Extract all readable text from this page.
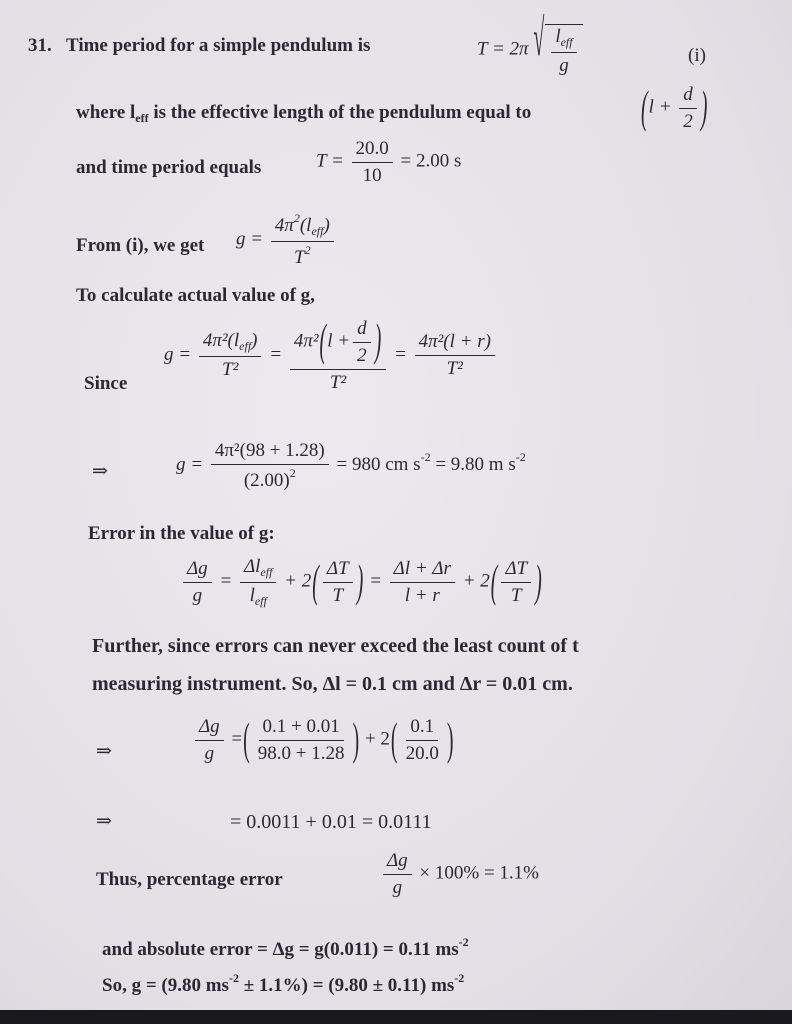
31. Time period for a simple pendulum is	T = 2π √ $\frac{l_{eff}}{g}$	(i)
where $l_{eff}$ is the effective length of the pendulum equal to	($l + \frac{d}{2}$ )
and time period equals	$T = \frac{20.0}{10} = 2.00$ s
From (i), we get $g = \frac{4\pi^2(l_{eff})}{T^2}$
To calculate actual value of g,
Since
$g = \frac{4\pi^2(l_{eff})}{\text{T²}} = \frac{4\pi^2(l + \frac{d}{2} )}{\text{T²}} = \frac{\text{4π²(l + r)}}{\text{T²}}$
⇒	$g = \frac{\text{4π²(98 + 1.28)}}{(2.00)^2} = 980$ cm $s^{-2} = 9.80$ m $s^{-2}$
Error in the value of g:
$\frac{\Delta g}{g} = \frac{\Delta l_{eff}}{l_{eff}} + 2( \frac{\Delta T}{T}$ ) = $\frac{\Delta l + \Delta r}{l + r} + 2( \frac{\Delta T}{T}$ )
Further, since errors can never exceed the least count of t
measuring instrument. So, Δl = 0.1 cm and Δr = 0.01 cm.
⇒	$\frac{\Delta g}{g}$ =( $\frac{0.1 + 0.01}{98.0 + 1.28}$ ) + $2( \frac{0.1}{20.0}$ )
⇒	= 0.0011 + 0.01 = 0.0111
Thus, percentage error	$\frac{\Delta g}{g} \times 100\% = 1.1\%$
and absolute error = Δg = g(0.011) = 0.11 $ms^{-2}$
So, g = (9.80 $ms^{-2} \pm 1.1\%) = (9.80 \pm 0.11)$ $ms^{-2}$
